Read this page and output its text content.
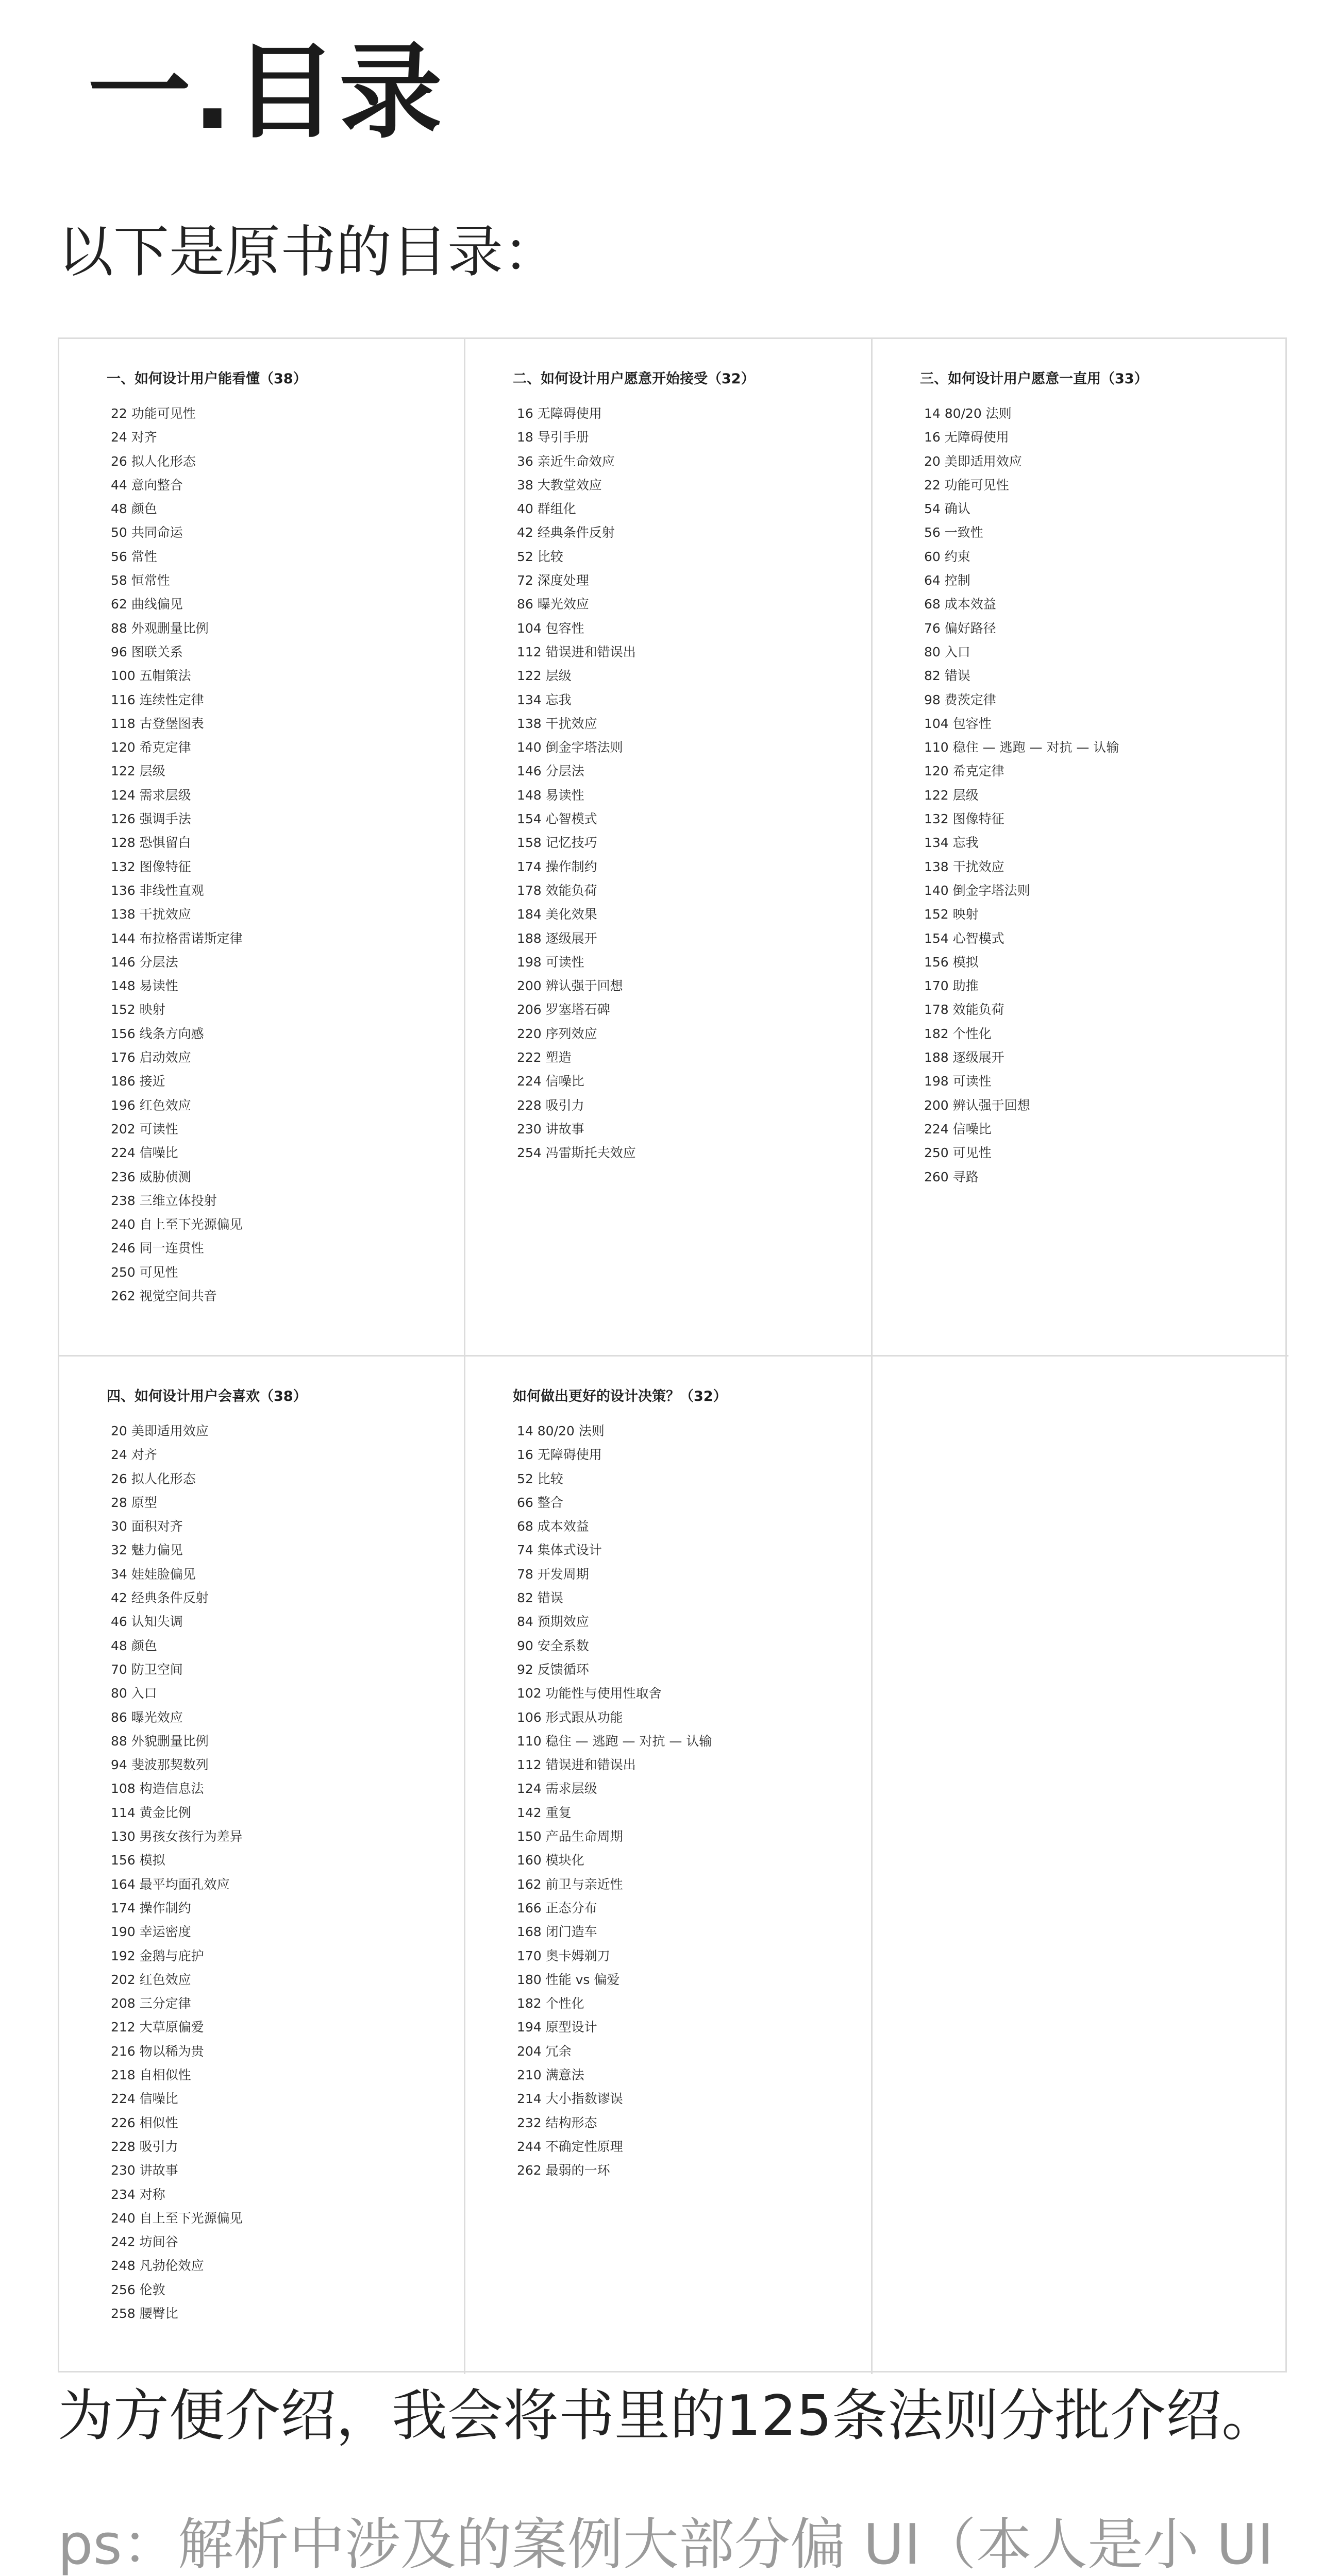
一.目录

以下是原书的目录：

一、如何设计用户能看懂（38）
22 功能可见性
24 对齐
26 拟人化形态
44 意向整合
48 颜色
50 共同命运
56 常性
58 恒常性
62 曲线偏见
88 外观删量比例
96 图联关系
100 五帽策法
116 连续性定律
118 古登堡图表
120 希克定律
122 层级
124 需求层级
126 强调手法
128 恐惧留白
132 图像特征
136 非线性直观
138 干扰效应
144 布拉格雷诺斯定律
146 分层法
148 易读性
152 映射
156 线条方向感
176 启动效应
186 接近
196 红色效应
202 可读性
224 信噪比
236 威胁侦测
238 三维立体投射
240 自上至下光源偏见
246 同一连贯性
250 可见性
262 视觉空间共音
二、如何设计用户愿意开始接受（32）
16 无障碍使用
18 导引手册
36 亲近生命效应
38 大教堂效应
40 群组化
42 经典条件反射
52 比较
72 深度处理
86 曝光效应
104 包容性
112 错误进和错误出
122 层级
134 忘我
138 干扰效应
140 倒金字塔法则
146 分层法
148 易读性
154 心智模式
158 记忆技巧
174 操作制约
178 效能负荷
184 美化效果
188 逐级展开
198 可读性
200 辨认强于回想
206 罗塞塔石碑
220 序列效应
222 塑造
224 信噪比
228 吸引力
230 讲故事
254 冯雷斯托夫效应
三、如何设计用户愿意一直用（33）
14 80/20 法则
16 无障碍使用
20 美即适用效应
22 功能可见性
54 确认
56 一致性
60 约束
64 控制
68 成本效益
76 偏好路径
80 入口
82 错误
98 费茨定律
104 包容性
110 稳住 — 逃跑 — 对抗 — 认输
120 希克定律
122 层级
132 图像特征
134 忘我
138 干扰效应
140 倒金字塔法则
152 映射
154 心智模式
156 模拟
170 助推
178 效能负荷
182 个性化
188 逐级展开
198 可读性
200 辨认强于回想
224 信噪比
250 可见性
260 寻路
四、如何设计用户会喜欢（38）
20 美即适用效应
24 对齐
26 拟人化形态
28 原型
30 面积对齐
32 魅力偏见
34 娃娃脸偏见
42 经典条件反射
46 认知失调
48 颜色
70 防卫空间
80 入口
86 曝光效应
88 外貌删量比例
94 斐波那契数列
108 构造信息法
114 黄金比例
130 男孩女孩行为差异
156 模拟
164 最平均面孔效应
174 操作制约
190 幸运密度
192 金鹅与庇护
202 红色效应
208 三分定律
212 大草原偏爱
216 物以稀为贵
218 自相似性
224 信噪比
226 相似性
228 吸引力
230 讲故事
234 对称
240 自上至下光源偏见
242 坊间谷
248 凡勃伦效应
256 伦敦
258 腰臀比
如何做出更好的设计决策？（32）
14 80/20 法则
16 无障碍使用
52 比较
66 整合
68 成本效益
74 集体式设计
78 开发周期
82 错误
84 预期效应
90 安全系数
92 反馈循环
102 功能性与使用性取舍
106 形式跟从功能
110 稳住 — 逃跑 — 对抗 — 认输
112 错误进和错误出
124 需求层级
142 重复
150 产品生命周期
160 模块化
162 前卫与亲近性
166 正态分布
168 闭门造车
170 奥卡姆剃刀
180 性能 vs 偏爱
182 个性化
194 原型设计
204 冗余
210 满意法
214 大小指数谬误
232 结构形态
244 不确定性原理
262 最弱的一环

为方便介绍，我会将书里的125条法则分批介绍。

ps：解析中涉及的案例大部分偏 UI（本人是小 UI
